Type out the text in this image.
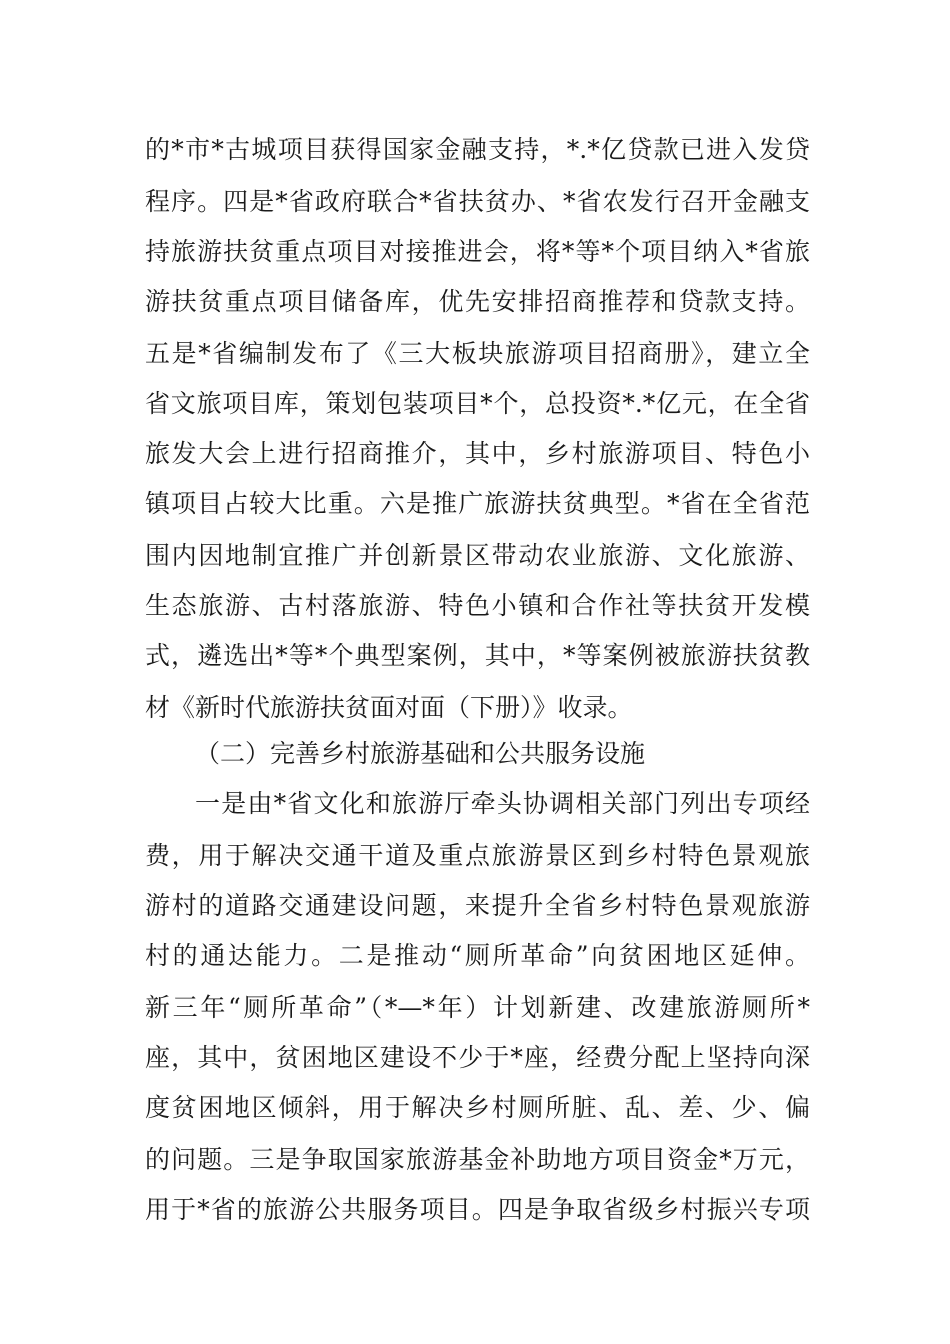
的*市*古城项目获得国家金融支持，*.*亿贷款已进入发贷
程序。四是*省政府联合*省扶贫办、*省农发行召开金融支
持旅游扶贫重点项目对接推进会，将*等*个项目纳入*省旅
游扶贫重点项目储备库，优先安排招商推荐和贷款支持。
五是*省编制发布了《三大板块旅游项目招商册》，建立全
省文旅项目库，策划包装项目*个，总投资*.*亿元，在全省
旅发大会上进行招商推介，其中，乡村旅游项目、特色小
镇项目占较大比重。六是推广旅游扶贫典型。*省在全省范
围内因地制宜推广并创新景区带动农业旅游、文化旅游、
生态旅游、古村落旅游、特色小镇和合作社等扶贫开发模
式，遴选出*等*个典型案例，其中，*等案例被旅游扶贫教
材《新时代旅游扶贫面对面（下册）》收录。
（二）完善乡村旅游基础和公共服务设施
一是由*省文化和旅游厅牵头协调相关部门列出专项经
费，用于解决交通干道及重点旅游景区到乡村特色景观旅
游村的道路交通建设问题，来提升全省乡村特色景观旅游
村的通达能力。二是推动“厕所革命”向贫困地区延伸。
新三年“厕所革命”（*—*年）计划新建、改建旅游厕所*
座，其中，贫困地区建设不少于*座，经费分配上坚持向深
度贫困地区倾斜，用于解决乡村厕所脏、乱、差、少、偏
的问题。三是争取国家旅游基金补助地方项目资金*万元，
用于*省的旅游公共服务项目。四是争取省级乡村振兴专项
